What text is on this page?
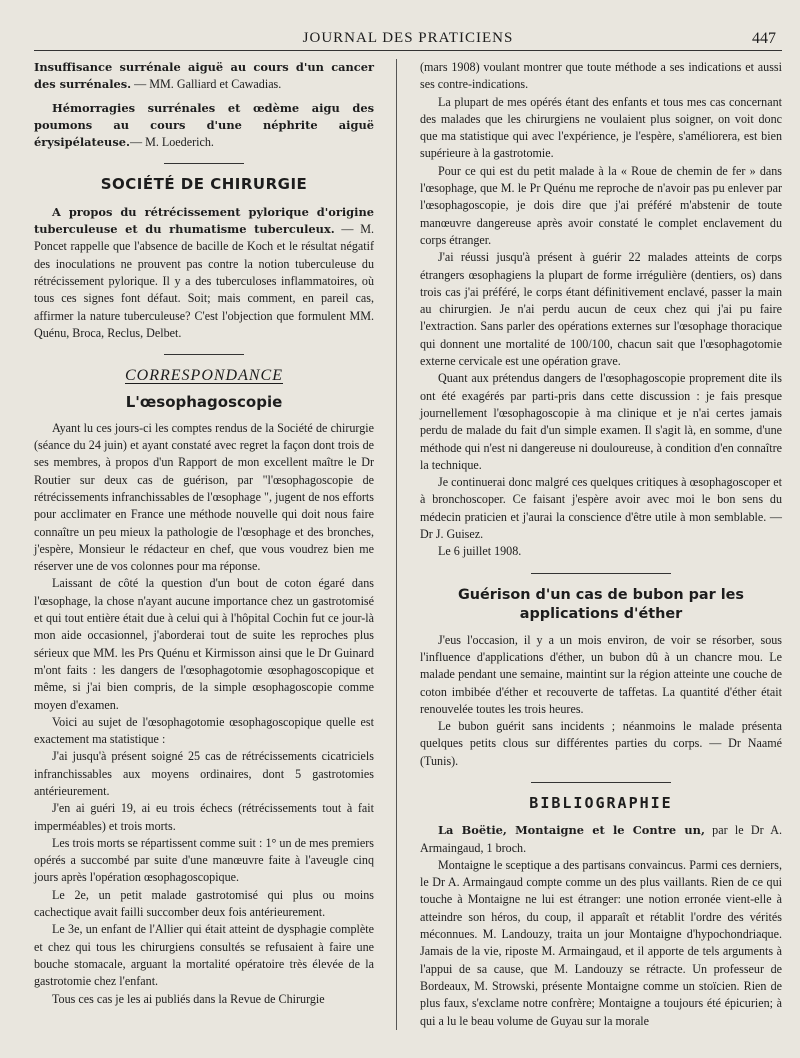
JOURNAL DES PRATICIENS	447

Insuffisance surrénale aiguë au cours d'un cancer des surrénales. — MM. Galliard et Cawadias.

Hémorragies surrénales et œdème aigu des poumons au cours d'une néphrite aiguë érysipélateuse.— M. Loederich.

SOCIÉTÉ DE CHIRURGIE

A propos du rétrécissement pylorique d'origine tuberculeuse et du rhumatisme tuberculeux. — M. Poncet rappelle que l'absence de bacille de Koch et le résultat négatif des inoculations ne prouvent pas contre la notion tuberculeuse du rétrécissement pylorique. Il y a des tuberculoses inflammatoires, où tous ces signes font défaut. Soit; mais comment, en pareil cas, affirmer la nature tuberculeuse? C'est l'objection que formulent MM. Quénu, Broca, Reclus, Delbet.

CORRESPONDANCE
L'œsophagoscopie

Ayant lu ces jours-ci les comptes rendus de la Société de chirurgie (séance du 24 juin) et ayant constaté avec regret la façon dont trois de ses membres, à propos d'un Rapport de mon excellent maître le Dr Routier sur deux cas de guérison, par "l'œsophagoscopie de rétrécissements infranchissables de l'œsophage ", jugent de nos efforts pour acclimater en France une méthode nouvelle qui doit nous faire connaître un peu mieux la pathologie de l'œsophage et des bronches, j'espère, Monsieur le rédacteur en chef, que vous voudrez bien me réserver une de vos colonnes pour ma réponse.

Laissant de côté la question d'un bout de coton égaré dans l'œsophage, la chose n'ayant aucune importance chez un gastrotomisé et qui tout entière était due à celui qui à l'hôpital Cochin fut ce jour-là mon aide occasionnel, j'aborderai tout de suite les reproches plus sérieux que MM. les Prs Quénu et Kirmisson ainsi que le Dr Guinard m'ont faits : les dangers de l'œsophagotomie œsophagoscopique et même, si j'ai bien compris, de la simple œsophagoscopie comme moyen d'examen.

Voici au sujet de l'œsophagotomie œsophagoscopique quelle est exactement ma statistique :

J'ai jusqu'à présent soigné 25 cas de rétrécissements cicatriciels infranchissables aux moyens ordinaires, dont 5 gastrotomies antérieurement.

J'en ai guéri 19, ai eu trois échecs (rétrécissements tout à fait imperméables) et trois morts.

Les trois morts se répartissent comme suit : 1° un de mes premiers opérés a succombé par suite d'une manœuvre faite à l'aveugle cinq jours après l'opération œsophagoscopique.

Le 2e, un petit malade gastrotomisé qui plus ou moins cachectique avait failli succomber deux fois antérieurement.

Le 3e, un enfant de l'Allier qui était atteint de dysphagie complète et chez qui tous les chirurgiens consultés se refusaient à faire une bouche stomacale, arguant la mortalité opératoire très élevée de la gastrotomie chez l'enfant.

Tous ces cas je les ai publiés dans la Revue de Chirurgie

(mars 1908) voulant montrer que toute méthode a ses indications et aussi ses contre-indications.

La plupart de mes opérés étant des enfants et tous mes cas concernant des malades que les chirurgiens ne voulaient plus soigner, on voit donc que ma statistique qui avec l'expérience, je l'espère, s'améliorera, est bien supérieure à la gastrotomie.

Pour ce qui est du petit malade à la « Roue de chemin de fer » dans l'œsophage, que M. le Pr Quénu me reproche de n'avoir pas pu enlever par l'œsophagoscopie, je dois dire que j'ai préféré m'abstenir de toute manœuvre dangereuse après avoir constaté le complet enclavement du corps étranger.

J'ai réussi jusqu'à présent à guérir 22 malades atteints de corps étrangers œsophagiens la plupart de forme irrégulière (dentiers, os) dans trois cas j'ai préféré, le corps étant définitivement enclavé, passer la main au chirurgien. Je n'ai perdu aucun de ceux chez qui j'ai pu faire l'extraction. Sans parler des opérations externes sur l'œsophage thoracique qui donnent une mortalité de 100/100, chacun sait que l'œsophagotomie externe cervicale est une opération grave.

Quant aux prétendus dangers de l'œsophagoscopie proprement dite ils ont été exagérés par parti-pris dans cette discussion : je fais presque journellement l'œsophagoscopie à ma clinique et je n'ai certes jamais perdu de malade du fait d'un simple examen. Il s'agit là, en somme, d'une méthode qui n'est ni dangereuse ni douloureuse, à condition d'en connaître la technique.

Je continuerai donc malgré ces quelques critiques à œsophagoscoper et à bronchoscoper. Ce faisant j'espère avoir avec moi le bon sens du médecin praticien et j'aurai la conscience d'être utile à mon semblable. — Dr J. Guisez.

Le 6 juillet 1908.

Guérison d'un cas de bubon par les applications d'éther

J'eus l'occasion, il y a un mois environ, de voir se résorber, sous l'influence d'applications d'éther, un bubon dû à un chancre mou. Le malade pendant une semaine, maintint sur la région atteinte une couche de coton imbibée d'éther et recouverte de taffetas. La quantité d'éther était renouvelée toutes les trois heures.

Le bubon guérit sans incidents ; néanmoins le malade présenta quelques petits clous sur différentes parties du corps. — Dr Naamé (Tunis).

BIBLIOGRAPHIE

La Boëtie, Montaigne et le Contre un, par le Dr A. Armaingaud, 1 broch.

Montaigne le sceptique a des partisans convaincus. Parmi ces derniers, le Dr A. Armaingaud compte comme un des plus vaillants. Rien de ce qui touche à Montaigne ne lui est étranger: une notion erronée vient-elle à atteindre son héros, du coup, il apparaît et rétablit l'ordre des vérités méconnues. M. Landouzy, traita un jour Montaigne d'hypochondriaque. Jamais de la vie, riposte M. Armaingaud, et il apporte de tels arguments à l'appui de sa cause, que M. Landouzy se rétracte. Un professeur de Bordeaux, M. Strowski, présente Montaigne comme un stoïcien. Rien de plus faux, s'exclame notre confrère; Montaigne a toujours été épicurien; à qui a lu le beau volume de Guyau sur la morale
